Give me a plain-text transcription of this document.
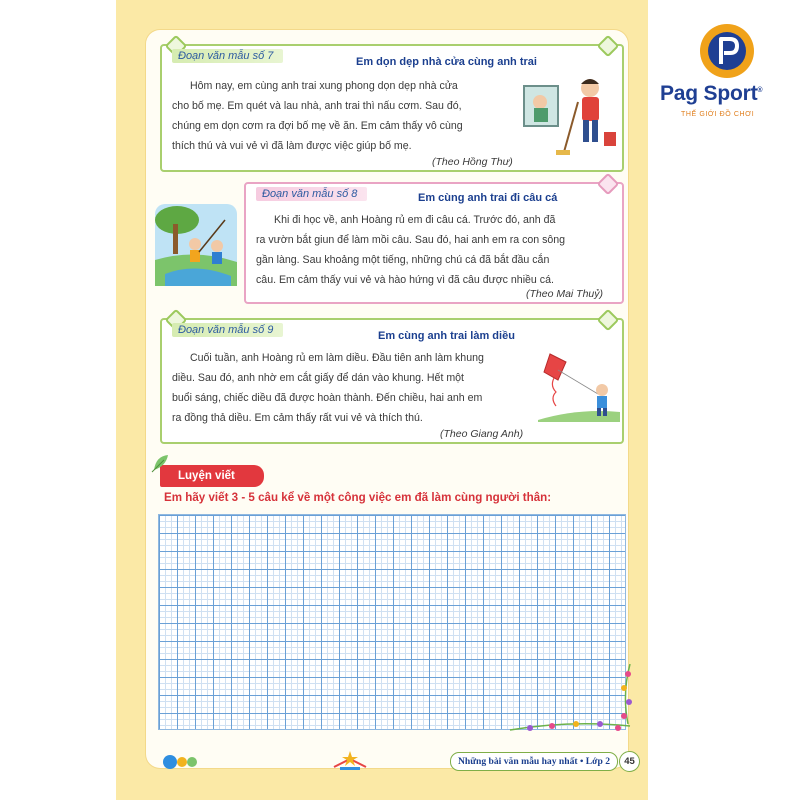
Đoạn văn mẫu số 7	Em dọn dẹp nhà cửa cùng anh trai

Hôm nay, em cùng anh trai xung phong dọn dẹp nhà cửa

cho bố mẹ. Em quét và lau nhà, anh trai thì nấu cơm. Sau đó,

chúng em dọn cơm ra đợi bố mẹ về ăn. Em cảm thấy vô cùng

thích thú và vui vẻ vì đã làm được việc giúp bố mẹ.

(Theo Hồng Thư)
Đoạn văn mẫu số 8	Em cùng anh trai đi câu cá

Khi đi học về, anh Hoàng rủ em đi câu cá. Trước đó, anh đã

ra vườn bắt giun để làm mồi câu. Sau đó, hai anh em ra con sông

gần làng. Sau khoảng một tiếng, những chú cá đã bắt đầu cắn

câu. Em cảm thấy vui vẻ và hào hứng vì đã câu được nhiều cá.

(Theo Mai Thuỷ)
Đoạn văn mẫu số 9	Em cùng anh trai làm diều

Cuối tuần, anh Hoàng rủ em làm diều. Đầu tiên anh làm khung

diều. Sau đó, anh nhờ em cắt giấy để dán vào khung. Hết một

buổi sáng, chiếc diều đã được hoàn thành. Đến chiều, hai anh em

ra đồng thả diều. Em cảm thấy rất vui vẻ và thích thú.

(Theo Giang Anh)
Luyện viết
Em hãy viết 3 - 5 câu kể về một công việc em đã làm cùng người thân:
Những bài văn mẫu hay nhất • Lớp 2	45
Pag Sport®
THẾ GIỚI ĐỒ CHƠI
